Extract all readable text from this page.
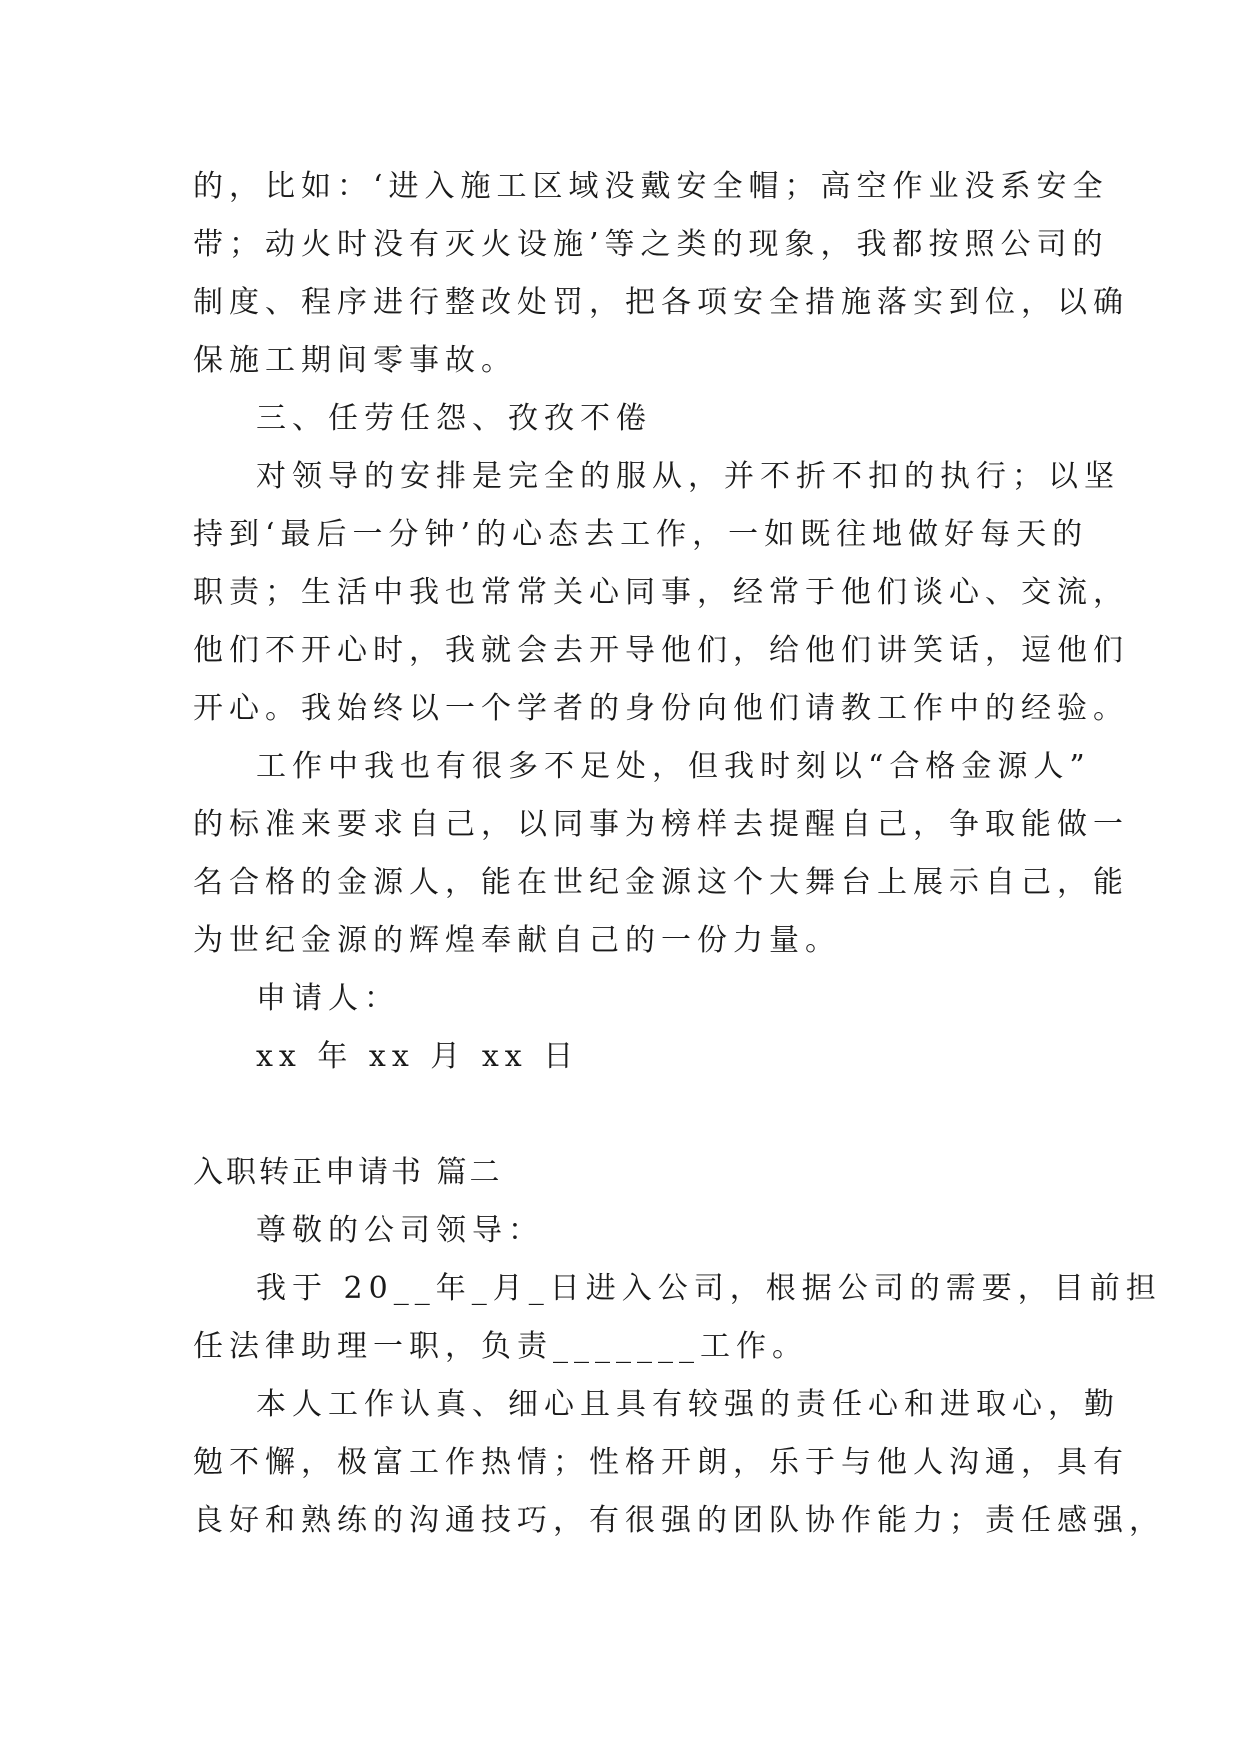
的，比如：‘进入施工区域没戴安全帽；高空作业没系安全
带；动火时没有灭火设施’等之类的现象，我都按照公司的
制度、程序进行整改处罚，把各项安全措施落实到位，以确
保施工期间零事故。
三、任劳任怨、孜孜不倦
对领导的安排是完全的服从，并不折不扣的执行；以坚
持到‘最后一分钟’的心态去工作，一如既往地做好每天的
职责；生活中我也常常关心同事，经常于他们谈心、交流，
他们不开心时，我就会去开导他们，给他们讲笑话，逗他们
开心。我始终以一个学者的身份向他们请教工作中的经验。
工作中我也有很多不足处，但我时刻以“合格金源人”
的标准来要求自己，以同事为榜样去提醒自己，争取能做一
名合格的金源人，能在世纪金源这个大舞台上展示自己，能
为世纪金源的辉煌奉献自己的一份力量。
申请人：
xx 年 xx 月 xx 日
入职转正申请书 篇二
尊敬的公司领导：
我于 20__年_月_日进入公司，根据公司的需要，目前担
任法律助理一职，负责_______工作。
本人工作认真、细心且具有较强的责任心和进取心，勤
勉不懈，极富工作热情；性格开朗，乐于与他人沟通，具有
良好和熟练的沟通技巧，有很强的团队协作能力；责任感强，
